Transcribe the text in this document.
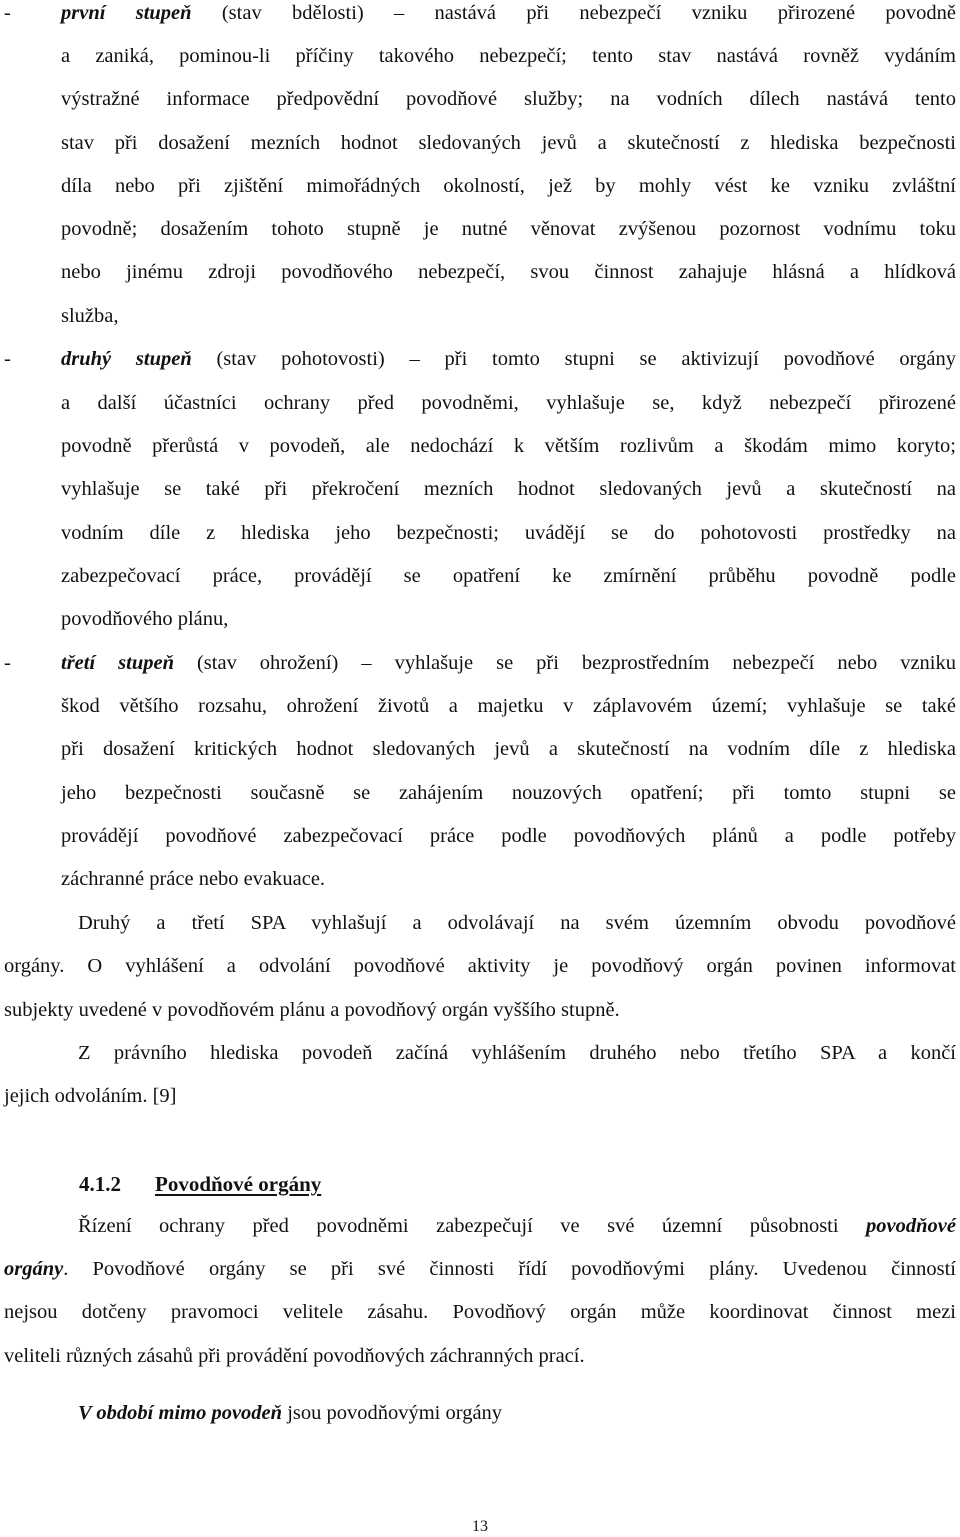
- první stupeň (stav bdělosti) – nastává při nebezpečí vzniku přirozené povodně
a zaniká, pominou-li příčiny takového nebezpečí; tento stav nastává rovněž vydáním
výstražné informace předpovědní povodňové služby; na vodních dílech nastává tento
stav při dosažení mezních hodnot sledovaných jevů a skutečností z hlediska bezpečnosti
díla nebo při zjištění mimořádných okolností, jež by mohly vést ke vzniku zvláštní
povodně; dosažením tohoto stupně je nutné věnovat zvýšenou pozornost vodnímu toku
nebo jinému zdroji povodňového nebezpečí, svou činnost zahajuje hlásná a hlídková
služba,
- druhý stupeň (stav pohotovosti) – při tomto stupni se aktivizují povodňové orgány
a další účastníci ochrany před povodněmi, vyhlašuje se, když nebezpečí přirozené
povodně přerůstá v povodeň, ale nedochází k větším rozlivům a škodám mimo koryto;
vyhlašuje se také při překročení mezních hodnot sledovaných jevů a skutečností na
vodním díle z hlediska jeho bezpečnosti; uvádějí se do pohotovosti prostředky na
zabezpečovací práce, provádějí se opatření ke zmírnění průběhu povodně podle
povodňového plánu,
- třetí stupeň (stav ohrožení) – vyhlašuje se při bezprostředním nebezpečí nebo vzniku
škod většího rozsahu, ohrožení životů a majetku v záplavovém území; vyhlašuje se také
při dosažení kritických hodnot sledovaných jevů a skutečností na vodním díle z hlediska
jeho bezpečnosti současně se zahájením nouzových opatření; při tomto stupni se
provádějí povodňové zabezpečovací práce podle povodňových plánů a podle potřeby
záchranné práce nebo evakuace.
Druhý a třetí SPA vyhlašují a odvolávají na svém územním obvodu povodňové
orgány. O vyhlášení a odvolání povodňové aktivity je povodňový orgán povinen informovat
subjekty uvedené v povodňovém plánu a povodňový orgán vyššího stupně.
Z právního hlediska povodeň začíná vyhlášením druhého nebo třetího SPA a končí
jejich odvoláním. [9]
4.1.2 Povodňové orgány
Řízení ochrany před povodněmi zabezpečují ve své územní působnosti povodňové
orgány. Povodňové orgány se při své činnosti řídí povodňovými plány. Uvedenou činností
nejsou dotčeny pravomoci velitele zásahu. Povodňový orgán může koordinovat činnost mezi
veliteli různých zásahů při provádění povodňových záchranných prací.
V období mimo povodeň jsou povodňovými orgány
13
